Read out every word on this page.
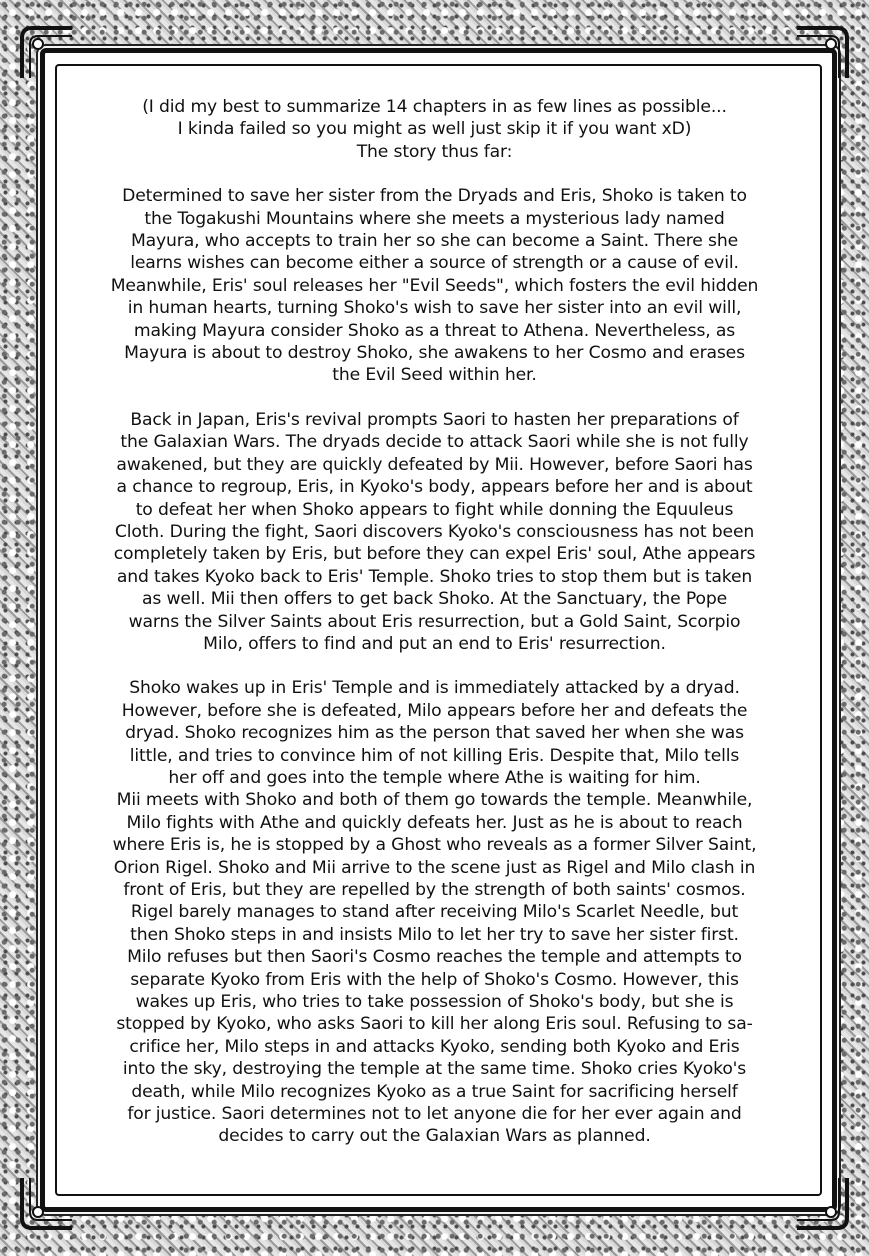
(I did my best to summarize 14 chapters in as few lines as possible...
I kinda failed so you might as well just skip it if you want xD)
The story thus far:
Determined to save her sister from the Dryads and Eris, Shoko is taken to
the Togakushi Mountains where she meets a mysterious lady named
Mayura, who accepts to train her so she can become a Saint. There she
learns wishes can become either a source of strength or a cause of evil.
Meanwhile, Eris' soul releases her "Evil Seeds", which fosters the evil hidden
in human hearts, turning Shoko's wish to save her sister into an evil will,
making Mayura consider Shoko as a threat to Athena. Nevertheless, as
Mayura is about to destroy Shoko, she awakens to her Cosmo and erases
the Evil Seed within her.
Back in Japan, Eris's revival prompts Saori to hasten her preparations of
the Galaxian Wars. The dryads decide to attack Saori while she is not fully
awakened, but they are quickly defeated by Mii. However, before Saori has
a chance to regroup, Eris, in Kyoko's body, appears before her and is about
to defeat her when Shoko appears to fight while donning the Equuleus
Cloth. During the fight, Saori discovers Kyoko's consciousness has not been
completely taken by Eris, but before they can expel Eris' soul, Athe appears
and takes Kyoko back to Eris' Temple. Shoko tries to stop them but is taken
as well. Mii then offers to get back Shoko. At the Sanctuary, the Pope
warns the Silver Saints about Eris resurrection, but a Gold Saint, Scorpio
Milo, offers to find and put an end to Eris' resurrection.
Shoko wakes up in Eris' Temple and is immediately attacked by a dryad.
However, before she is defeated, Milo appears before her and defeats the
dryad. Shoko recognizes him as the person that saved her when she was
little, and tries to convince him of not killing Eris. Despite that, Milo tells
her off and goes into the temple where Athe is waiting for him.
Mii meets with Shoko and both of them go towards the temple. Meanwhile,
Milo fights with Athe and quickly defeats her. Just as he is about to reach
where Eris is, he is stopped by a Ghost who reveals as a former Silver Saint,
Orion Rigel. Shoko and Mii arrive to the scene just as Rigel and Milo clash in
front of Eris, but they are repelled by the strength of both saints' cosmos.
Rigel barely manages to stand after receiving Milo's Scarlet Needle, but
then Shoko steps in and insists Milo to let her try to save her sister first.
Milo refuses but then Saori's Cosmo reaches the temple and attempts to
separate Kyoko from Eris with the help of Shoko's Cosmo. However, this
wakes up Eris, who tries to take possession of Shoko's body, but she is
stopped by Kyoko, who asks Saori to kill her along Eris soul. Refusing to sa-
crifice her, Milo steps in and attacks Kyoko, sending both Kyoko and Eris
into the sky, destroying the temple at the same time. Shoko cries Kyoko's
death, while Milo recognizes Kyoko as a true Saint for sacrificing herself
for justice. Saori determines not to let anyone die for her ever again and
decides to carry out the Galaxian Wars as planned.
